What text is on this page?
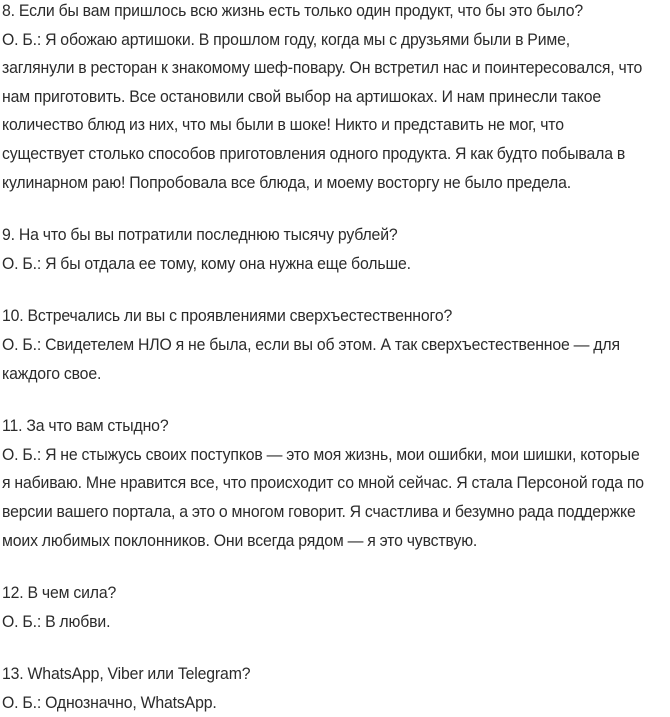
8. Если бы вам пришлось всю жизнь есть только один продукт, что бы это было?

О. Б.: Я обожаю артишоки. В прошлом году, когда мы с друзьями были в Риме, заглянули в ресторан к знакомому шеф-повару. Он встретил нас и поинтересовался, что нам приготовить. Все остановили свой выбор на артишоках. И нам принесли такое количество блюд из них, что мы были в шоке! Никто и представить не мог, что существует столько способов приготовления одного продукта. Я как будто побывала в кулинарном раю! Попробовала все блюда, и моему восторгу не было предела.

9. На что бы вы потратили последнюю тысячу рублей?

О. Б.: Я бы отдала ее тому, кому она нужна еще больше.

10. Встречались ли вы с проявлениями сверхъестественного?

О. Б.: Свидетелем НЛО я не была, если вы об этом. А так сверхъестественное — для каждого свое.

11. За что вам стыдно?

О. Б.: Я не стыжусь своих поступков — это моя жизнь, мои ошибки, мои шишки, которые я набиваю. Мне нравится все, что происходит со мной сейчас. Я стала Персоной года по версии вашего портала, а это о многом говорит. Я счастлива и безумно рада поддержке моих любимых поклонников. Они всегда рядом — я это чувствую.

12. В чем сила?

О. Б.: В любви.

13. WhatsApp, Viber или Telegram?

О. Б.: Однозначно, WhatsApp.
